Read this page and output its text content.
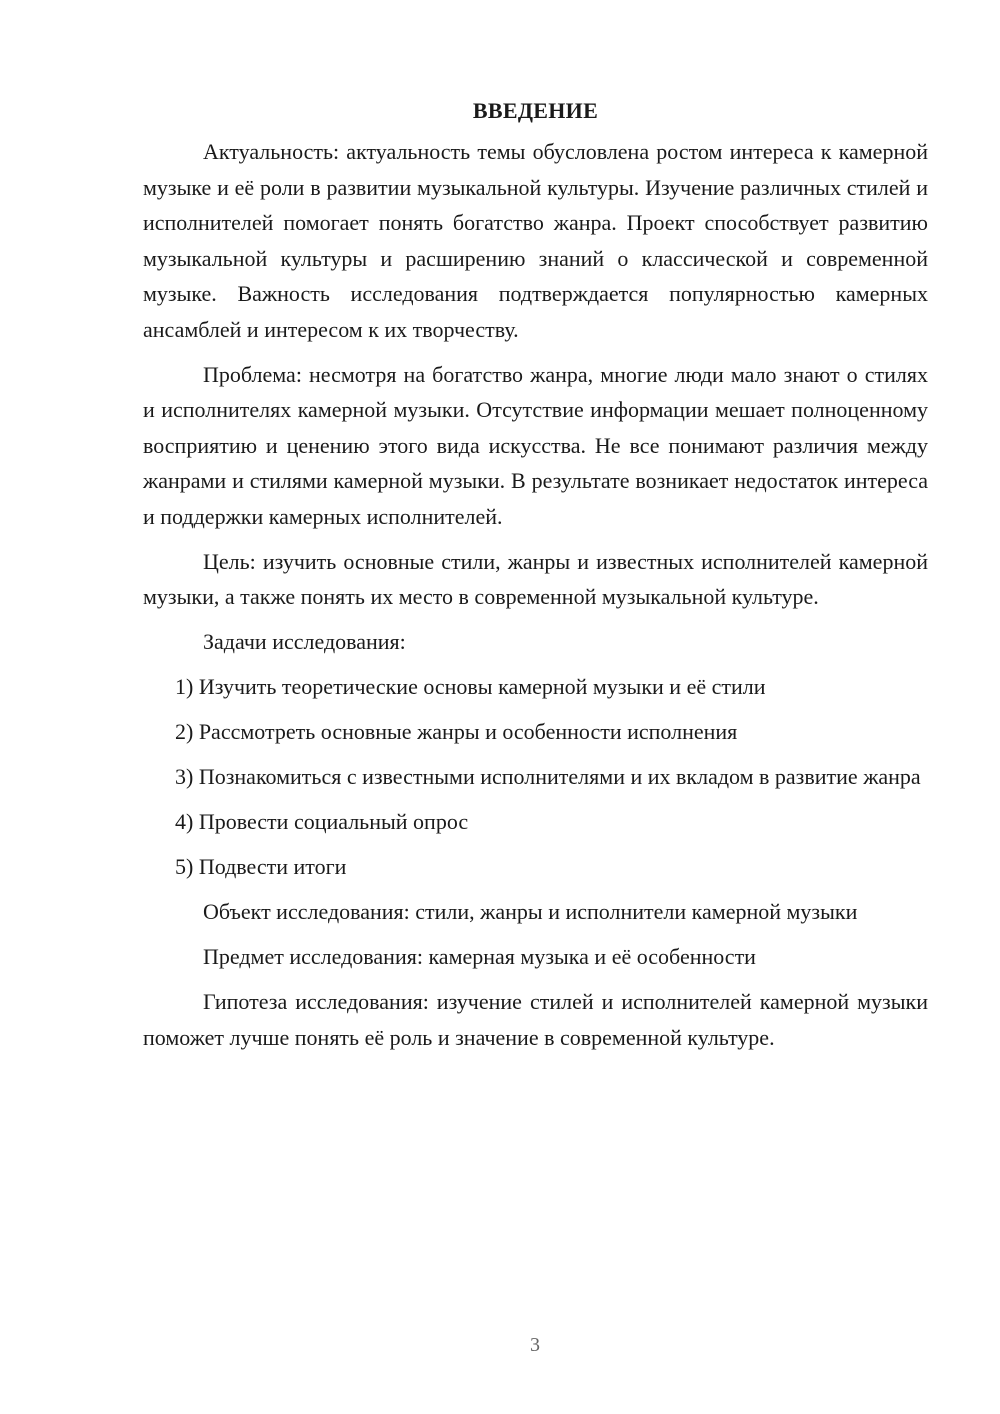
ВВЕДЕНИЕ

Актуальность: актуальность темы обусловлена ростом интереса к камерной музыке и её роли в развитии музыкальной культуры. Изучение различных стилей и исполнителей помогает понять богатство жанра. Проект способствует развитию музыкальной культуры и расширению знаний о классической и современной музыке. Важность исследования подтверждается популярностью камерных ансамблей и интересом к их творчеству.

Проблема: несмотря на богатство жанра, многие люди мало знают о стилях и исполнителях камерной музыки. Отсутствие информации мешает полноценному восприятию и ценению этого вида искусства. Не все понимают различия между жанрами и стилями камерной музыки. В результате возникает недостаток интереса и поддержки камерных исполнителей.

Цель: изучить основные стили, жанры и известных исполнителей камерной музыки, а также понять их место в современной музыкальной культуре.

Задачи исследования:

1) Изучить теоретические основы камерной музыки и её стили

2) Рассмотреть основные жанры и особенности исполнения

3) Познакомиться с известными исполнителями и их вкладом в развитие жанра

4) Провести социальный опрос

5) Подвести итоги

Объект исследования: стили, жанры и исполнители камерной музыки

Предмет исследования: камерная музыка и её особенности

Гипотеза исследования: изучение стилей и исполнителей камерной музыки поможет лучше понять её роль и значение в современной культуре.

3
